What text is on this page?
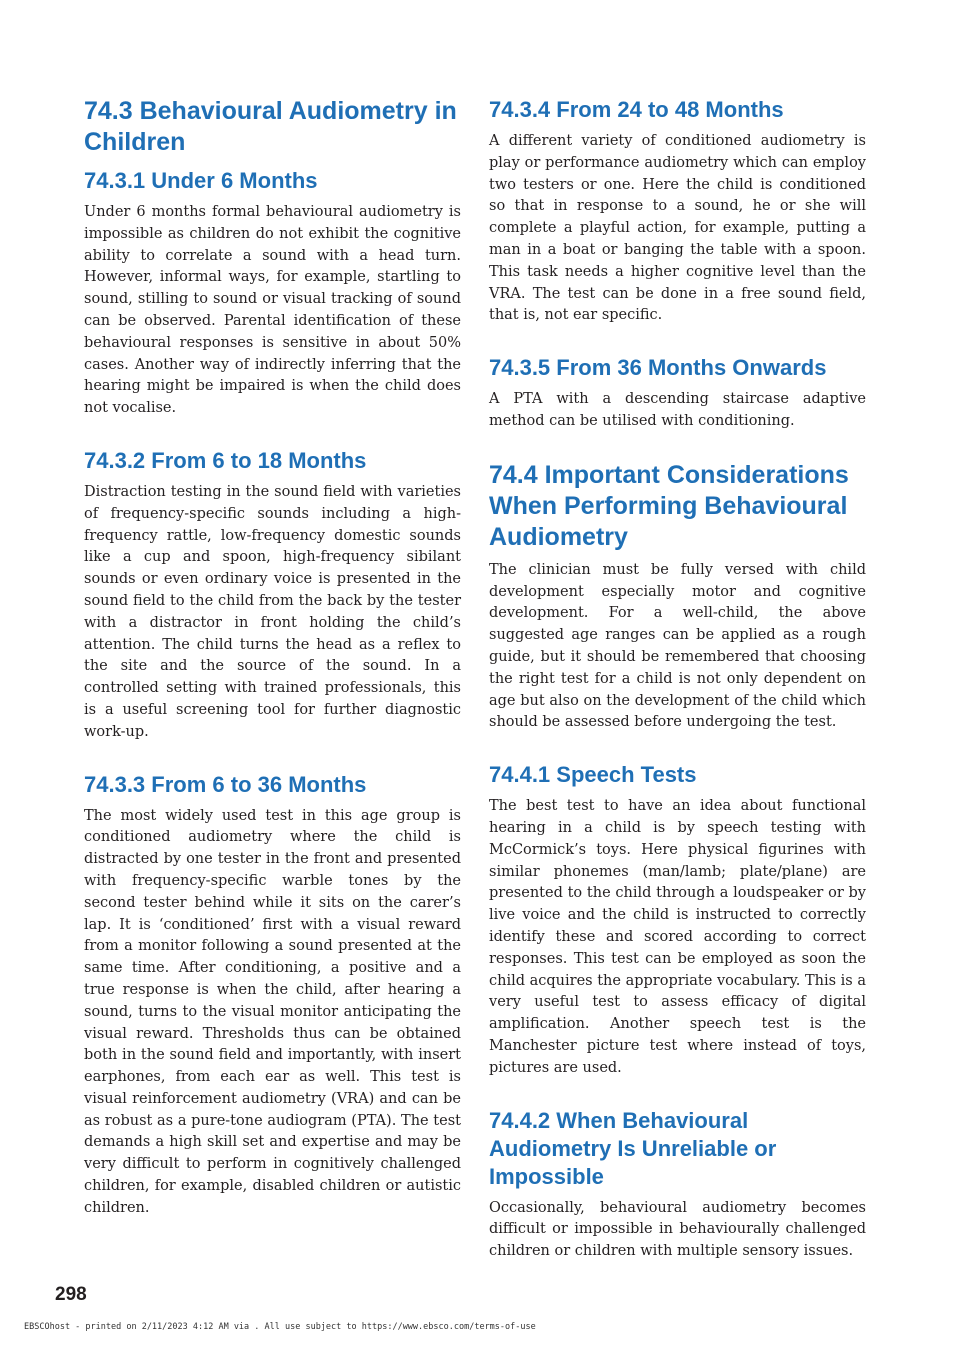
74.3 Behavioural Audiometry in Children
74.3.1 Under 6 Months

Under 6 months formal behavioural audiometry is impossible as children do not exhibit the cognitive ability to correlate a sound with a head turn. However, informal ways, for example, startling to sound, stilling to sound or visual tracking of sound can be observed. Parental identification of these behavioural responses is sensitive in about 50% cases. Another way of indirectly inferring that the hearing might be impaired is when the child does not vocalise.

74.3.2 From 6 to 18 Months

Distraction testing in the sound field with varieties of frequency-specific sounds including a high-frequency rattle, low-frequency domestic sounds like a cup and spoon, high-frequency sibilant sounds or even ordinary voice is presented in the sound field to the child from the back by the tester with a distractor in front holding the child’s attention. The child turns the head as a reflex to the site and the source of the sound. In a controlled setting with trained professionals, this is a useful screening tool for further diagnostic work-up.

74.3.3 From 6 to 36 Months

The most widely used test in this age group is conditioned audiometry where the child is distracted by one tester in the front and presented with frequency-specific warble tones by the second tester behind while it sits on the carer’s lap. It is ‘conditioned’ first with a visual reward from a monitor following a sound presented at the same time. After conditioning, a positive and a true response is when the child, after hearing a sound, turns to the visual monitor anticipating the visual reward. Thresholds thus can be obtained both in the sound field and importantly, with insert earphones, from each ear as well. This test is visual reinforcement audiometry (VRA) and can be as robust as a pure-tone audiogram (PTA). The test demands a high skill set and expertise and may be very difficult to perform in cognitively challenged children, for example, disabled children or autistic children.

74.3.4 From 24 to 48 Months

A different variety of conditioned audiometry is play or performance audiometry which can employ two testers or one. Here the child is conditioned so that in response to a sound, he or she will complete a playful action, for example, putting a man in a boat or banging the table with a spoon. This task needs a higher cognitive level than the VRA. The test can be done in a free sound field, that is, not ear specific.

74.3.5 From 36 Months Onwards

A PTA with a descending staircase adaptive method can be utilised with conditioning.

74.4 Important Considerations When Performing Behavioural Audiometry

The clinician must be fully versed with child development especially motor and cognitive development. For a well-child, the above suggested age ranges can be applied as a rough guide, but it should be remembered that choosing the right test for a child is not only dependent on age but also on the development of the child which should be assessed before undergoing the test.

74.4.1 Speech Tests

The best test to have an idea about functional hearing in a child is by speech testing with McCormick’s toys. Here physical figurines with similar phonemes (man/lamb; plate/plane) are presented to the child through a loudspeaker or by live voice and the child is instructed to correctly identify these and scored according to correct responses. This test can be employed as soon the child acquires the appropriate vocabulary. This is a very useful test to assess efficacy of digital amplification. Another speech test is the Manchester picture test where instead of toys, pictures are used.

74.4.2 When Behavioural Audiometry Is Unreliable or Impossible

Occasionally, behavioural audiometry becomes difficult or impossible in behaviourally challenged children or children with multiple sensory issues.

298
EBSCOhost - printed on 2/11/2023 4:12 AM via . All use subject to https://www.ebsco.com/terms-of-use
